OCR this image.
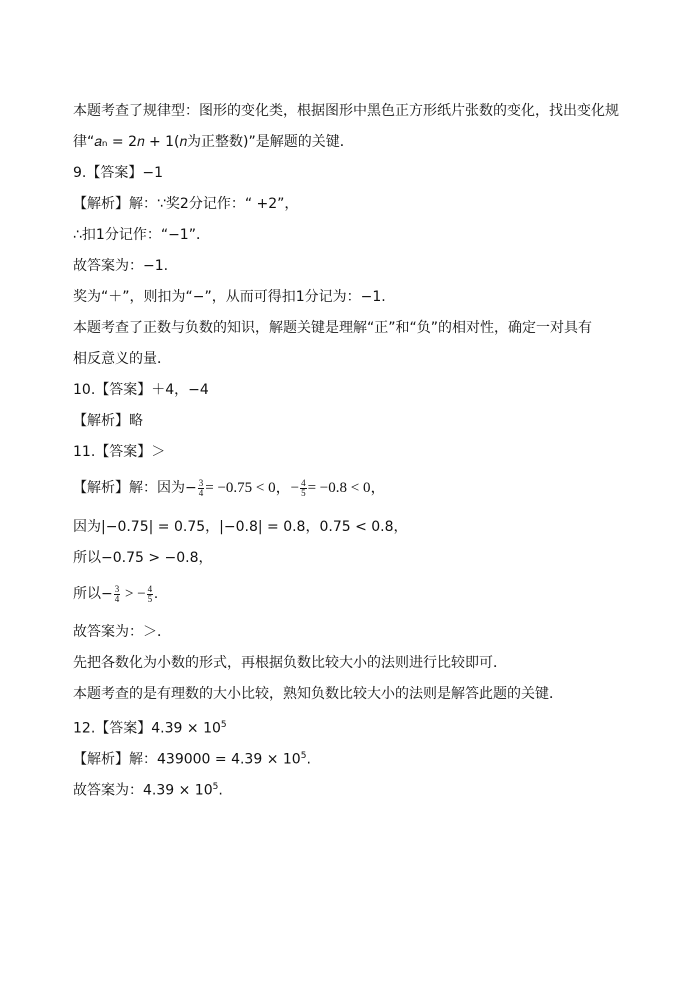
本题考查了规律型：图形的变化类，根据图形中黑色正方形纸片张数的变化，找出变化规
律“𝑎ₙ = 2𝑛 + 1(𝑛为正整数)”是解题的关键．
9.【答案】−1
【解析】解：∵奖2分记作：“ +2”，
∴扣1分记作：“−1”．
故答案为：−1.
奖为“＋”，则扣为“−”，从而可得扣1分记为：−1.
本题考查了正数与负数的知识，解题关键是理解“正”和“负”的相对性，确定一对具有
相反意义的量．
10.【答案】＋4，−4
【解析】略
11.【答案】＞
【解析】解：因为− $\frac{3}{4} = -0.75 < 0$，− $\frac{4}{5} = -0.8 < 0$，
因为|−0.75| = 0.75，|−0.8| = 0.8，0.75 < 0.8，
所以−0.75 > −0.8，
所以− $\frac{3}{4}$ > − $\frac{4}{5}$ .
故答案为：＞．
先把各数化为小数的形式，再根据负数比较大小的法则进行比较即可．
本题考查的是有理数的大小比较，熟知负数比较大小的法则是解答此题的关键．
12.【答案】$4.39 \times 10^5$
【解析】解：$439000 = 4.39 \times 10^5$.
故答案为：$4.39 \times 10^5$.
